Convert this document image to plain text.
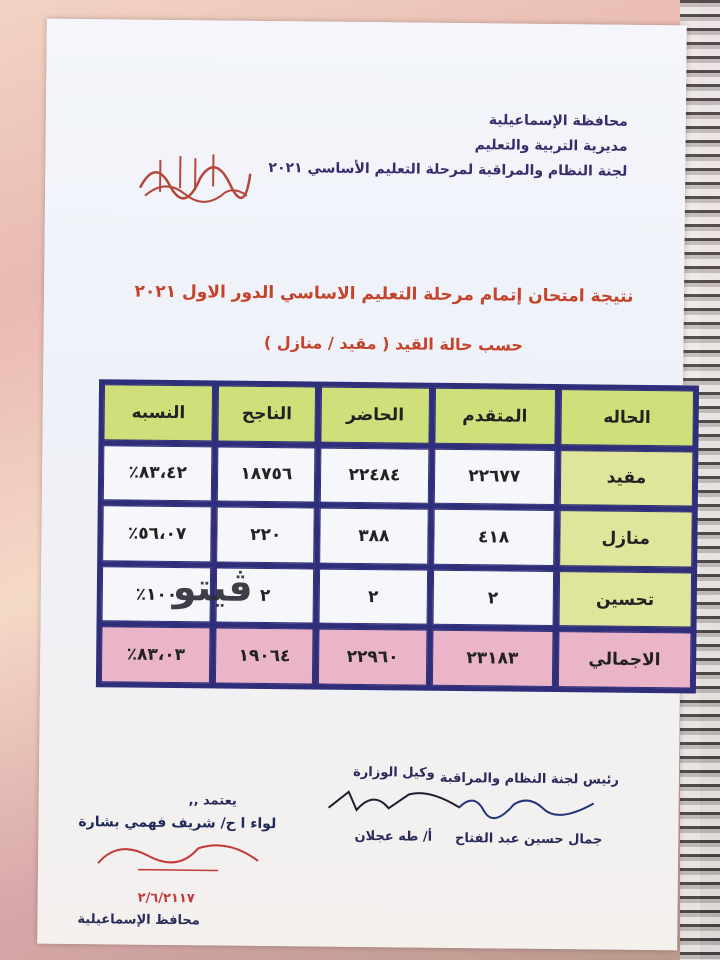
محافظة الإسماعيلية
مديرية التربية والتعليم
لجنة النظام والمراقبة لمرحلة التعليم الأساسي ٢٠٢١
نتيجة امتحان إتمام مرحلة التعليم الاساسي الدور الاول ٢٠٢١
حسب حالة القيد ( مقيد / منازل )
الحاله	المتقدم	الحاضر	الناجح	النسبه
مقيد	٢٢٦٧٧	٢٢٤٨٤	١٨٧٥٦	٨٣،٤٢٪
منازل	٤١٨	٣٨٨	٢٢٠	٥٦،٠٧٪
تحسين	٢	٢	٢	١٠٠٪
الاجمالي	٢٣١٨٣	٢٢٩٦٠	١٩٠٦٤	٨٣،٠٣٪
ڤيتو
رئيس لجنة النظام والمراقبة
جمال حسين عبد الفتاح
وكيل الوزارة
أ/ طه عجلان
يعتمد ,,
لواء ا ح/ شريف فهمي بشارة
٢/٦/٢١١٧
محافظ الإسماعيلية
